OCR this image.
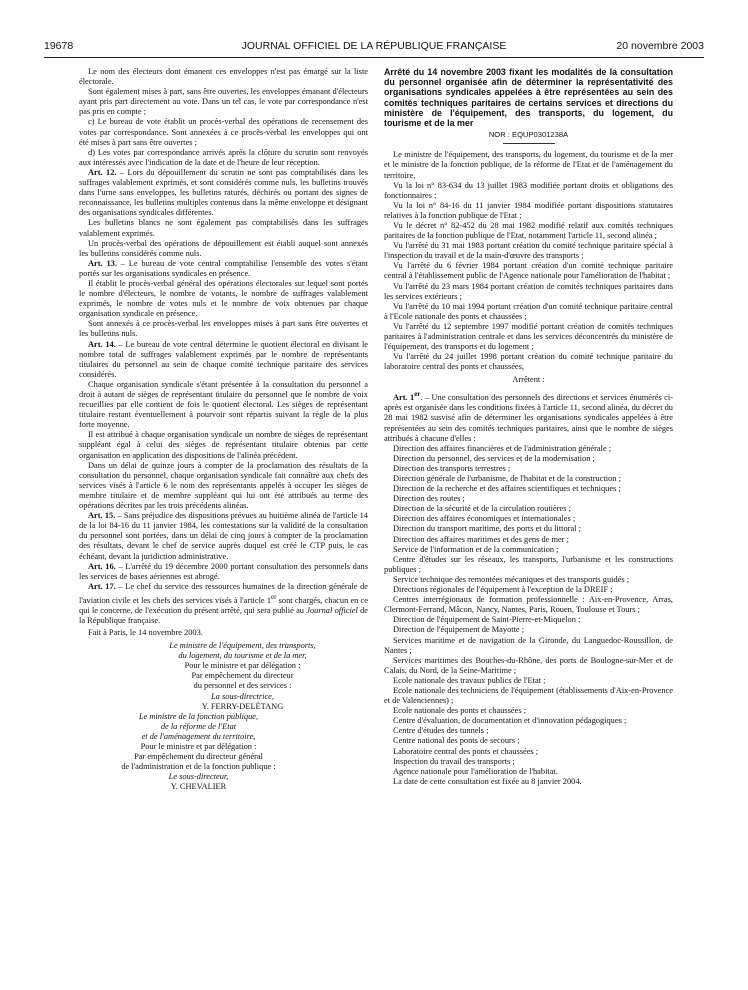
19678	JOURNAL OFFICIEL DE LA RÉPUBLIQUE FRANÇAISE	20 novembre 2003

Le nom des électeurs dont émanent ces enveloppes n'est pas émargé sur la liste électorale.

Sont également mises à part, sans être ouvertes, les enveloppes émanant d'électeurs ayant pris part directement au vote. Dans un tel cas, le vote par correspondance n'est pas pris en compte ;

c) Le bureau de vote établit un procès-verbal des opérations de recensement des votes par correspondance. Sont annexées à ce procès-verbal les enveloppes qui ont été mises à part sans être ouvertes ;

d) Les votes par correspondance arrivés après la clôture du scrutin sont renvoyés aux intéressés avec l'indication de la date et de l'heure de leur réception.

Art. 12. – Lors du dépouillement du scrutin ne sont pas comptabilisés dans les suffrages valablement exprimés, et sont considérés comme nuls, les bulletins trouvés dans l'urne sans enveloppes, les bulletins raturés, déchirés ou portant des signes de reconnaissance, les bulletins multiples contenus dans la même enveloppe et désignant des organisations syndicales différentes.

Les bulletins blancs ne sont également pas comptabilisés dans les suffrages valablement exprimés.

Un procès-verbal des opérations de dépouillement est établi auquel sont annexés les bulletins considérés comme nuls.

Art. 13. – Le bureau de vote central comptabilise l'ensemble des votes s'étant portés sur les organisations syndicales en présence.

Il établit le procès-verbal général des opérations électorales sur lequel sont portés le nombre d'électeurs, le nombre de votants, le nombre de suffrages valablement exprimés, le nombre de votes nuls et le nombre de voix obtenues par chaque organisation syndicale en présence.

Sont annexés à ce procès-verbal les enveloppes mises à part sans être ouvertes et les bulletins nuls.

Art. 14. – Le bureau de vote central détermine le quotient électoral en divisant le nombre total de suffrages valablement exprimés par le nombre de représentants titulaires du personnel au sein de chaque comité technique paritaire des services considérés.

Chaque organisation syndicale s'étant présentée à la consultation du personnel a droit à autant de sièges de représentant titulaire du personnel que le nombre de voix recueillies par elle contient de fois le quotient électoral. Les sièges de représentant titulaire restant éventuellement à pourvoir sont répartis suivant la règle de la plus forte moyenne.

Il est attribué à chaque organisation syndicale un nombre de sièges de représentant suppléant égal à celui des sièges de représentant titulaire obtenus par cette organisation en application des dispositions de l'alinéa précédent.

Dans un délai de quinze jours à compter de la proclamation des résultats de la consultation du personnel, chaque organisation syndicale fait connaître aux chefs des services visés à l'article 6 le nom des représentants appelés à occuper les sièges de membre titulaire et de membre suppléant qui lui ont été attribués au terme des opérations décrites par les trois précédents alinéas.

Art. 15. – Sans préjudice des dispositions prévues au huitième alinéa de l'article 14 de la loi 84-16 du 11 janvier 1984, les contestations sur la validité de la consultation du personnel sont portées, dans un délai de cinq jours à compter de la proclamation des résultats, devant le chef de service auprès duquel est créé le CTP puis, le cas échéant, devant la juridiction administrative.

Art. 16. – L'arrêté du 19 décembre 2000 portant consultation des personnels dans les services de bases aériennes est abrogé.

Art. 17. – Le chef du service des ressources humaines de la direction générale de l'aviation civile et les chefs des services visés à l'article 1er sont chargés, chacun en ce qui le concerne, de l'exécution du présent arrêté, qui sera publié au Journal officiel de la République française.

Fait à Paris, le 14 novembre 2003.

Le ministre de l'équipement, des transports,

du logement, du tourisme et de la mer,

Pour le ministre et par délégation :

Par empêchement du directeur

du personnel et des services :

La sous-directrice,

Y. FERRY-DELÉTANG

Le ministre de la fonction publique,

de la réforme de l'Etat

et de l'aménagement du territoire,

Pour le ministre et par délégation :

Par empêchement du directeur général

de l'administration et de la fonction publique :

Le sous-directeur,

Y. CHEVALIER

Arrêté du 14 novembre 2003 fixant les modalités de la consultation du personnel organisée afin de déterminer la représentativité des organisations syndicales appelées à être représentées au sein des comités techniques paritaires de certains services et directions du ministère de l'équipement, des transports, du logement, du tourisme et de la mer

NOR : EQUP0301238A

Le ministre de l'équipement, des transports, du logement, du tourisme et de la mer et le ministre de la fonction publique, de la réforme de l'Etat et de l'aménagement du territoire,

Vu la loi n° 83-634 du 13 juillet 1983 modifiée portant droits et obligations des fonctionnaires ;

Vu la loi n° 84-16 du 11 janvier 1984 modifiée portant dispositions statutaires relatives à la fonction publique de l'Etat ;

Vu le décret n° 82-452 du 28 mai 1982 modifié relatif aux comités techniques paritaires de la fonction publique de l'Etat, notamment l'article 11, second alinéa ;

Vu l'arrêté du 31 mai 1983 portant création du comité technique paritaire spécial à l'inspection du travail et de la main-d'œuvre des transports ;

Vu l'arrêté du 6 février 1984 portant création d'un comité technique paritaire central à l'établissement public de l'Agence nationale pour l'amélioration de l'habitat ;

Vu l'arrêté du 23 mars 1984 portant création de comités techniques paritaires dans les services extérieurs ;

Vu l'arrêté du 10 mai 1994 portant création d'un comité technique paritaire central à l'Ecole nationale des ponts et chaussées ;

Vu l'arrêté du 12 septembre 1997 modifié portant création de comités techniques paritaires à l'administration centrale et dans les services déconcentrés du ministère de l'équipement, des transports et du logement ;

Vu l'arrêté du 24 juillet 1998 portant création du comité technique paritaire du laboratoire central des ponts et chaussées,

Arrêtent :

Art. 1er. – Une consultation des personnels des directions et services énumérés ci-après est organisée dans les conditions fixées à l'article 11, second alinéa, du décret du 28 mai 1982 susvisé afin de déterminer les organisations syndicales appelées à être représentées au sein des comités techniques paritaires, ainsi que le nombre de sièges attribués à chacune d'elles :

Direction des affaires financières et de l'administration générale ;

Direction du personnel, des services et de la modernisation ;

Direction des transports terrestres ;

Direction générale de l'urbanisme, de l'habitat et de la construction ;

Direction de la recherche et des affaires scientifiques et techniques ;

Direction des routes ;

Direction de la sécurité et de la circulation routières ;

Direction des affaires économiques et internationales ;

Direction du transport maritime, des ports et du littoral ;

Direction des affaires maritimes et des gens de mer ;

Service de l'information et de la communication ;

Centre d'études sur les réseaux, les transports, l'urbanisme et les constructions publiques ;

Service technique des remontées mécaniques et des transports guidés ;

Directions régionales de l'équipement à l'exception de la DREIF ;

Centres interrégionaux de formation professionnelle : Aix-en-Provence, Arras, Clermont-Ferrand, Mâcon, Nancy, Nantes, Paris, Rouen, Toulouse et Tours ;

Direction de l'équipement de Saint-Pierre-et-Miquelon ;

Direction de l'équipement de Mayotte ;

Services maritime et de navigation de la Gironde, du Languedoc-Roussillon, de Nantes ;

Services maritimes des Bouches-du-Rhône, des ports de Boulogne-sur-Mer et de Calais, du Nord, de la Seine-Maritime ;

Ecole nationale des travaux publics de l'Etat ;

Ecole nationale des techniciens de l'équipement (établissements d'Aix-en-Provence et de Valenciennes) ;

Ecole nationale des ponts et chaussées ;

Centre d'évaluation, de documentation et d'innovation pédagogiques ;

Centre d'études des tunnels ;

Centre national des ponts de secours ;

Laboratoire central des ponts et chaussées ;

Inspection du travail des transports ;

Agence nationale pour l'amélioration de l'habitat.

La date de cette consultation est fixée au 8 janvier 2004.
